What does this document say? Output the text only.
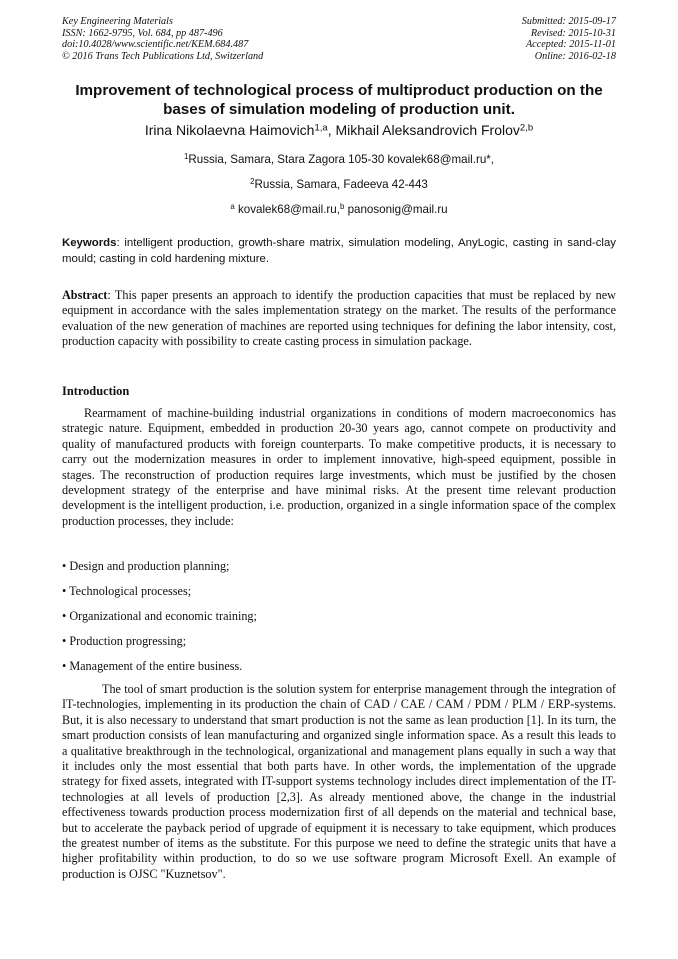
Key Engineering Materials
ISSN: 1662-9795, Vol. 684, pp 487-496
doi:10.4028/www.scientific.net/KEM.684.487
© 2016 Trans Tech Publications Ltd, Switzerland
Submitted: 2015-09-17
Revised: 2015-10-31
Accepted: 2015-11-01
Online: 2016-02-18
Improvement of technological process of multiproduct production on the bases of simulation modeling of production unit.
Irina Nikolaevna Haimovich$^{1,a}$, Mikhail Aleksandrovich Frolov$^{2,b}$
$^1$Russia, Samara, Stara Zagora 105-30 kovalek68@mail.ru*,
$^2$Russia, Samara, Fadeeva 42-443
$^a$ kovalek68@mail.ru,$^b$ panosonig@mail.ru
Keywords: intelligent production, growth-share matrix, simulation modeling, AnyLogic, casting in sand-clay mould; casting in cold hardening mixture.
Abstract: This paper presents an approach to identify the production capacities that must be replaced by new equipment in accordance with the sales implementation strategy on the market. The results of the performance evaluation of the new generation of machines are reported using techniques for defining the labor intensity, cost, production capacity with possibility to create casting process in simulation package.
Introduction
Rearmament of machine-building industrial organizations in conditions of modern macroeconomics has strategic nature. Equipment, embedded in production 20-30 years ago, cannot compete on productivity and quality of manufactured products with foreign counterparts. To make competitive products, it is necessary to carry out the modernization measures in order to implement innovative, high-speed equipment, possible in stages. The reconstruction of production requires large investments, which must be justified by the chosen development strategy of the enterprise and have minimal risks. At the present time relevant production development is the intelligent production, i.e. production, organized in a single information space of the complex production processes, they include:
• Design and production planning;
• Technological processes;
• Organizational and economic training;
• Production progressing;
• Management of the entire business.
The tool of smart production is the solution system for enterprise management through the integration of IT-technologies, implementing in its production the chain of CAD / CAE / CAM / PDM / PLM / ERP-systems. But, it is also necessary to understand that smart production is not the same as lean production [1]. In its turn, the smart production consists of lean manufacturing and organized single information space. As a result this leads to a qualitative breakthrough in the technological, organizational and management plans equally in such a way that it includes only the most essential that both parts have. In other words, the implementation of the upgrade strategy for fixed assets, integrated with IT-support systems technology includes direct implementation of the IT-technologies at all levels of production [2,3]. As already mentioned above, the change in the industrial effectiveness towards production process modernization first of all depends on the material and technical base, but to accelerate the payback period of upgrade of equipment it is necessary to take equipment, which produces the greatest number of items as the substitute. For this purpose we need to define the strategic units that have a higher profitability within production, to do so we use software program Microsoft Exell. An example of production is OJSC "Kuznetsov".
